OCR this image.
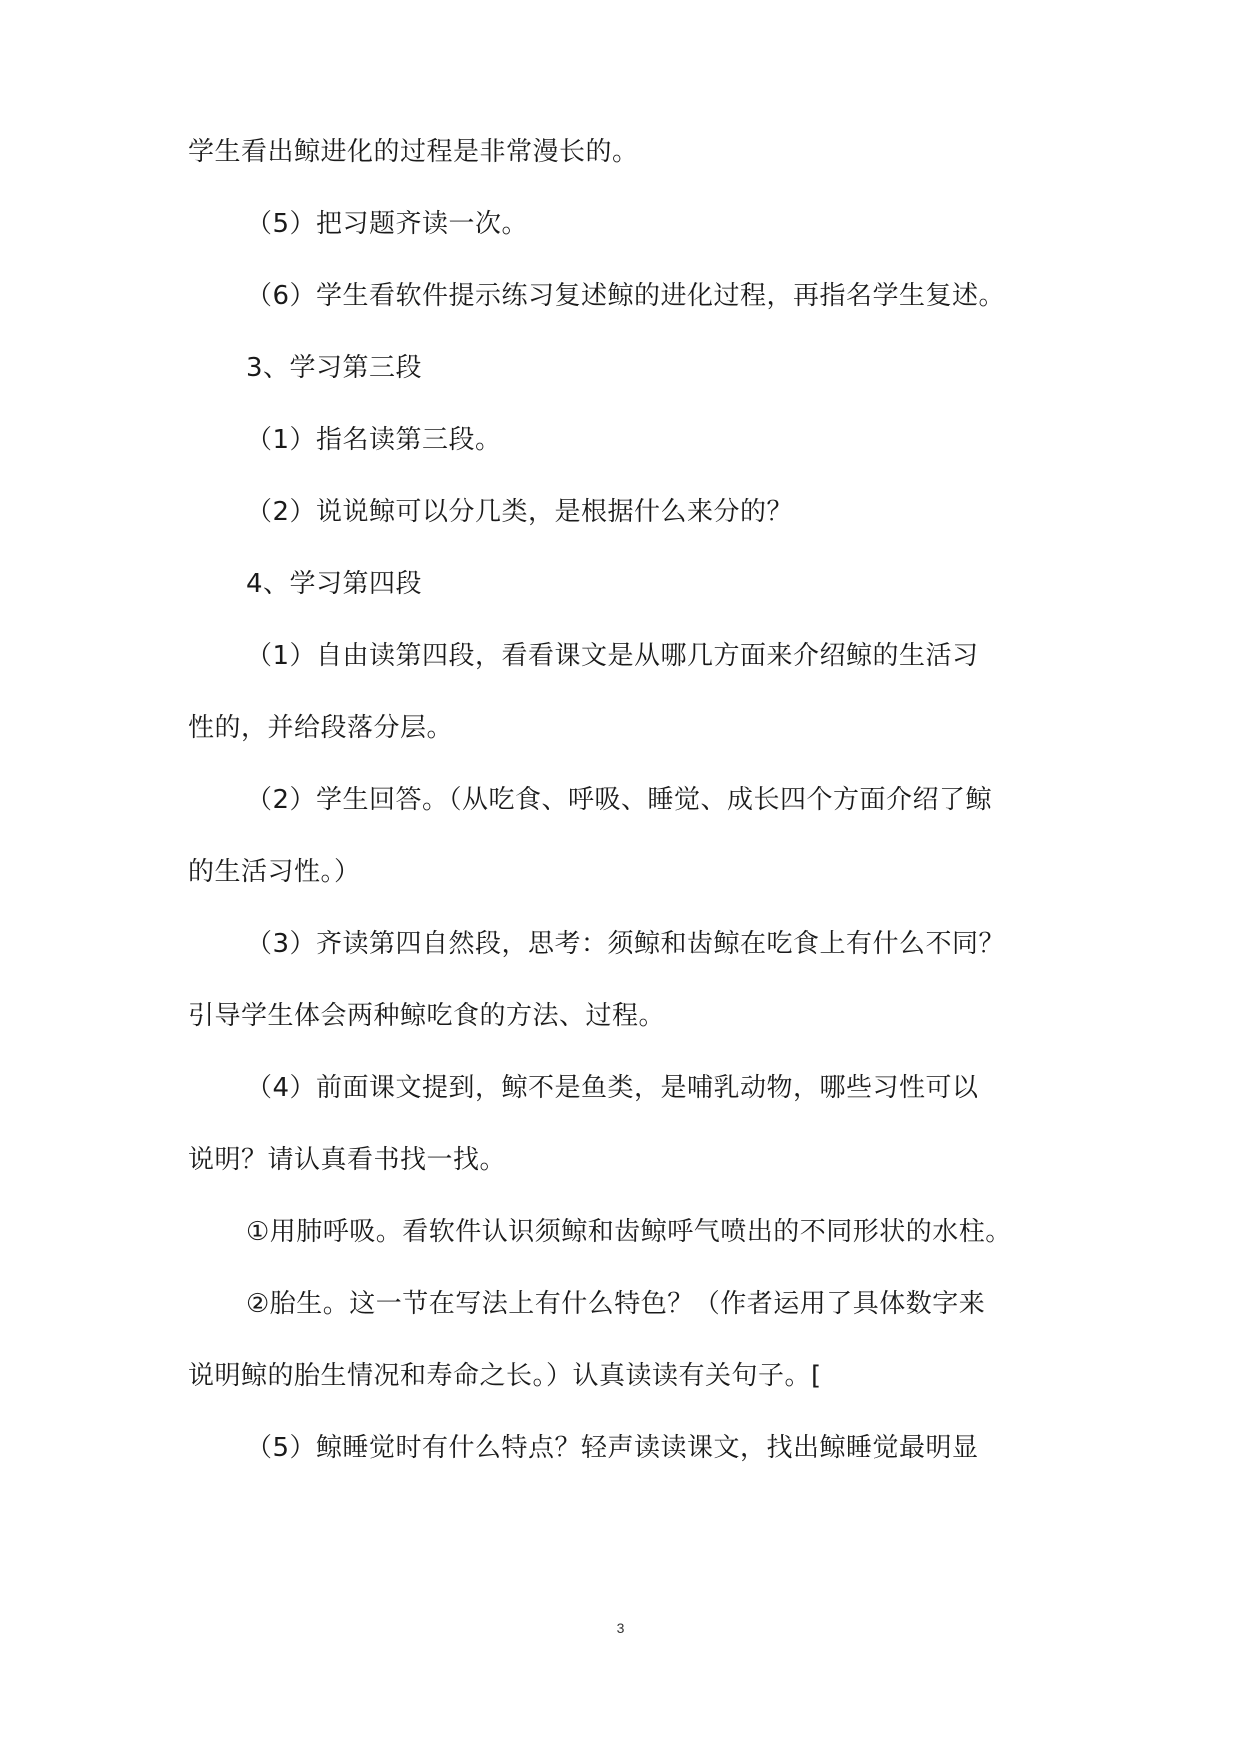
学生看出鲸进化的过程是非常漫长的。
（5）把习题齐读一次。
（6）学生看软件提示练习复述鲸的进化过程，再指名学生复述。
3、学习第三段
（1）指名读第三段。
（2）说说鲸可以分几类，是根据什么来分的？
4、学习第四段
（1）自由读第四段，看看课文是从哪几方面来介绍鲸的生活习
性的，并给段落分层。
（2）学生回答。（从吃食、呼吸、睡觉、成长四个方面介绍了鲸
的生活习性。）
（3）齐读第四自然段，思考：须鲸和齿鲸在吃食上有什么不同？
引导学生体会两种鲸吃食的方法、过程。
（4）前面课文提到，鲸不是鱼类，是哺乳动物，哪些习性可以
说明？请认真看书找一找。
①用肺呼吸。看软件认识须鲸和齿鲸呼气喷出的不同形状的水柱。
②胎生。这一节在写法上有什么特色？（作者运用了具体数字来
说明鲸的胎生情况和寿命之长。）认真读读有关句子。[
（5）鲸睡觉时有什么特点？轻声读读课文，找出鲸睡觉最明显
3
